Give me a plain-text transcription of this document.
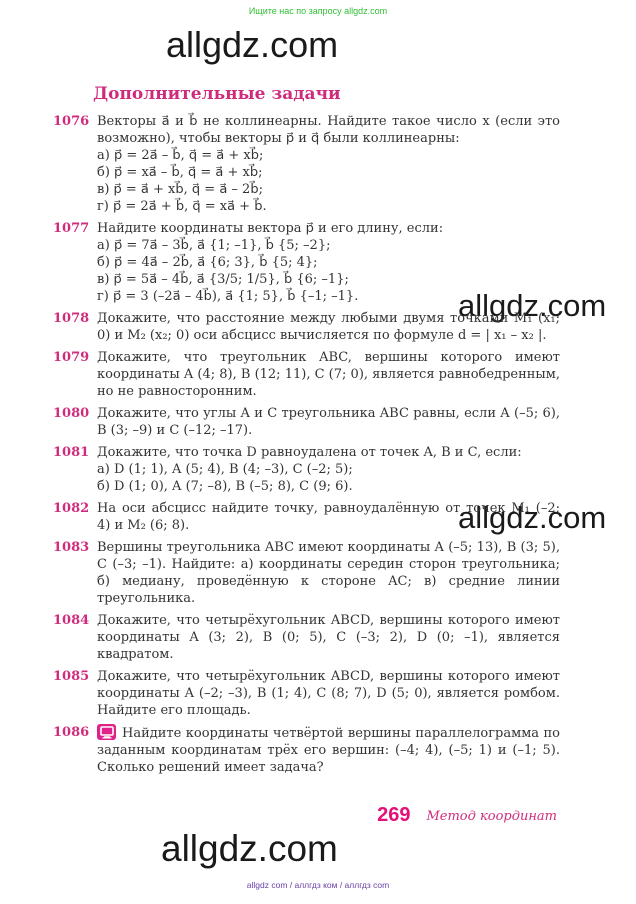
Ищите нас по запросу allgdz.com
allgdz.com
allgdz.com
allgdz.com
allgdz.com
Дополнительные задачи
1076 Векторы a⃗ и b⃗ не коллинеарны. Найдите такое число x (если это возможно), чтобы векторы p⃗ и q⃗ были коллинеарны:
а) p⃗ = 2a⃗ – b⃗, q⃗ = a⃗ + xb⃗;
б) p⃗ = xa⃗ – b⃗, q⃗ = a⃗ + xb⃗;
в) p⃗ = a⃗ + xb⃗, q⃗ = a⃗ – 2b⃗;
г) p⃗ = 2a⃗ + b⃗, q⃗ = xa⃗ + b⃗.
1077 Найдите координаты вектора p⃗ и его длину, если:
а) p⃗ = 7a⃗ – 3b⃗, a⃗ {1; –1}, b⃗ {5; –2};
б) p⃗ = 4a⃗ – 2b⃗, a⃗ {6; 3}, b⃗ {5; 4};
в) p⃗ = 5a⃗ – 4b⃗, a⃗ {3/5; 1/5}, b⃗ {6; –1};
г) p⃗ = 3 (–2a⃗ – 4b⃗), a⃗ {1; 5}, b⃗ {–1; –1}.
1078 Докажите, что расстояние между любыми двумя точками M₁ (x₁; 0) и M₂ (x₂; 0) оси абсцисс вычисляется по формуле d = | x₁ – x₂ |.
1079 Докажите, что треугольник ABC, вершины которого имеют координаты A (4; 8), B (12; 11), C (7; 0), является равнобедренным, но не равносторонним.
1080 Докажите, что углы A и C треугольника ABC равны, если A (–5; 6), B (3; –9) и C (–12; –17).
1081 Докажите, что точка D равноудалена от точек A, B и C, если:
а) D (1; 1), A (5; 4), B (4; –3), C (–2; 5);
б) D (1; 0), A (7; –8), B (–5; 8), C (9; 6).
1082 На оси абсцисс найдите точку, равноудалённую от точек M₁ (–2; 4) и M₂ (6; 8).
1083 Вершины треугольника ABC имеют координаты A (–5; 13), B (3; 5), C (–3; –1). Найдите: а) координаты середин сторон треугольника; б) медиану, проведённую к стороне AC; в) средние линии треугольника.
1084 Докажите, что четырёхугольник ABCD, вершины которого имеют координаты A (3; 2), B (0; 5), C (–3; 2), D (0; –1), является квадратом.
1085 Докажите, что четырёхугольник ABCD, вершины которого имеют координаты A (–2; –3), B (1; 4), C (8; 7), D (5; 0), является ромбом. Найдите его площадь.
1086	Найдите координаты четвёртой вершины параллелограмма по заданным координатам трёх его вершин: (–4; 4), (–5; 1) и (–1; 5). Сколько решений имеет задача?
269 Метод координат
allgdz com / аллгдз ком / аллгдз com
